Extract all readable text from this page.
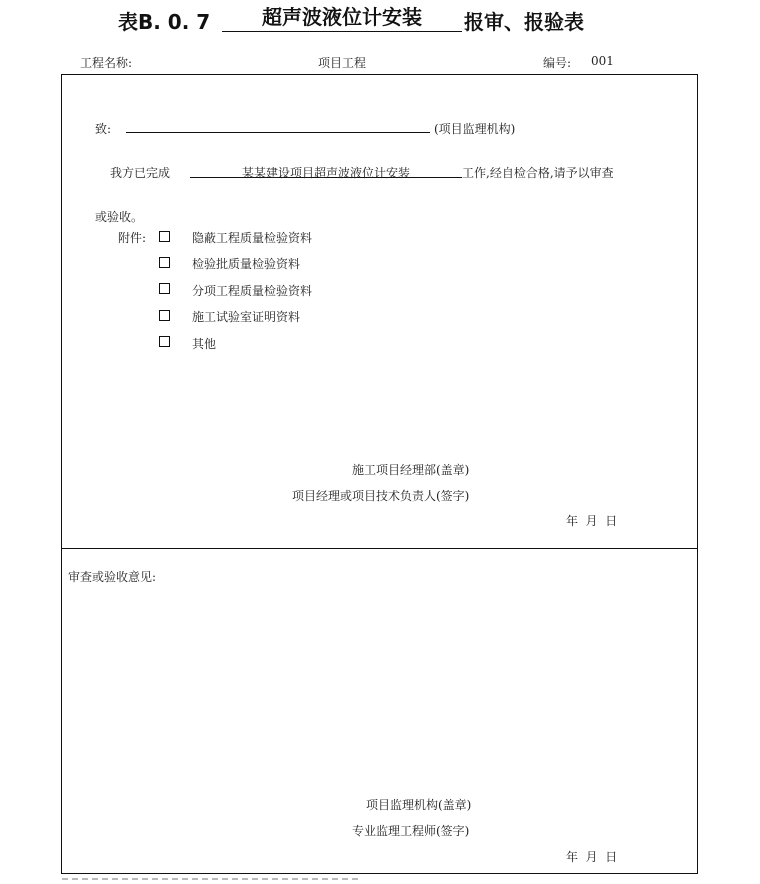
表B. 0. 7	超声波液位计安装	报审、报验表
工程名称:	项目工程	编号: 001
致:	(项目监理机构)
我方已完成	某某建设项目超声波液位计安装	工作,经自检合格,请予以审查
或验收。
附件:	隐蔽工程质量检验资料
检验批质量检验资料
分项工程质量检验资料
施工试验室证明资料
其他
施工项目经理部(盖章)
项目经理或项目技术负责人(签字)
年  月  日
审查或验收意见:
项目监理机构(盖章)
专业监理工程师(签字)
年  月  日
